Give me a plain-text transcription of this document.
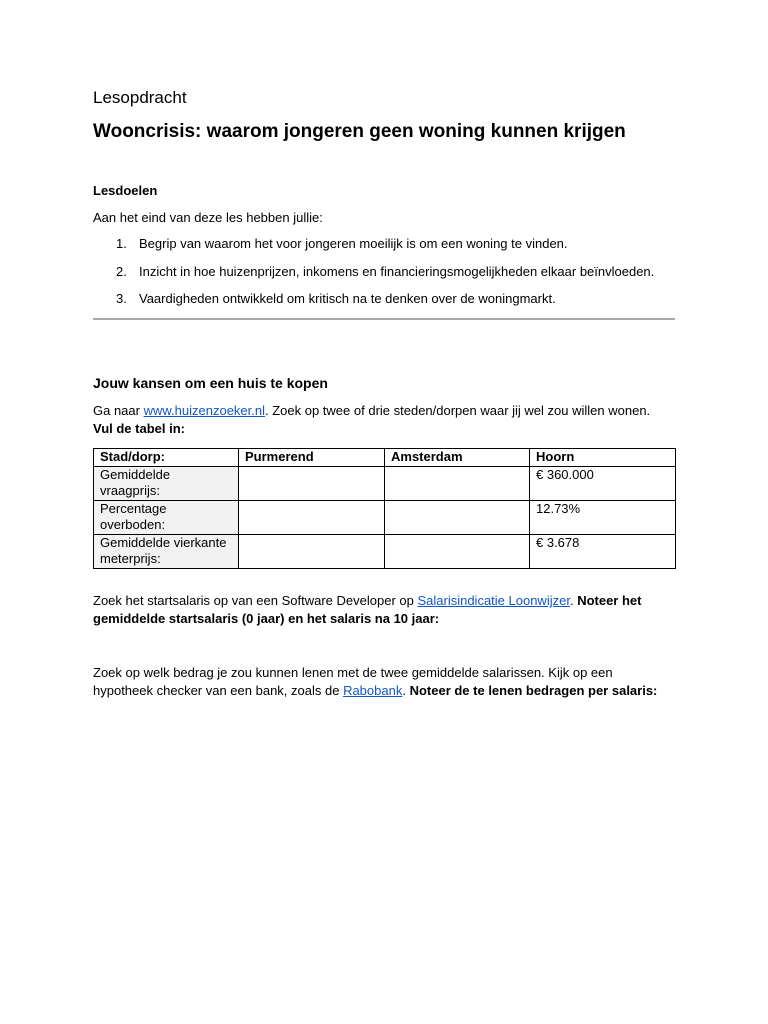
Lesopdracht

Wooncrisis: waarom jongeren geen woning kunnen krijgen
Lesdoelen

Aan het eind van deze les hebben jullie:

1. Begrip van waarom het voor jongeren moeilijk is om een woning te vinden.
2. Inzicht in hoe huizenprijzen, inkomens en financieringsmogelijkheden elkaar beïnvloeden.
3. Vaardigheden ontwikkeld om kritisch na te denken over de woningmarkt.
Jouw kansen om een huis te kopen

Ga naar www.huizenzoeker.nl. Zoek op twee of drie steden/dorpen waar jij wel zou willen wonen.
Vul de tabel in:

Stad/dorp:	Purmerend	Amsterdam	Hoorn
Gemiddelde vraagprijs:			€ 360.000
Percentage overboden:			12.73%
Gemiddelde vierkante meterprijs:			€ 3.678

Zoek het startsalaris op van een Software Developer op Salarisindicatie Loonwijzer. Noteer het gemiddelde startsalaris (0 jaar) en het salaris na 10 jaar:

Zoek op welk bedrag je zou kunnen lenen met de twee gemiddelde salarissen. Kijk op een hypotheek checker van een bank, zoals de Rabobank. Noteer de te lenen bedragen per salaris:
